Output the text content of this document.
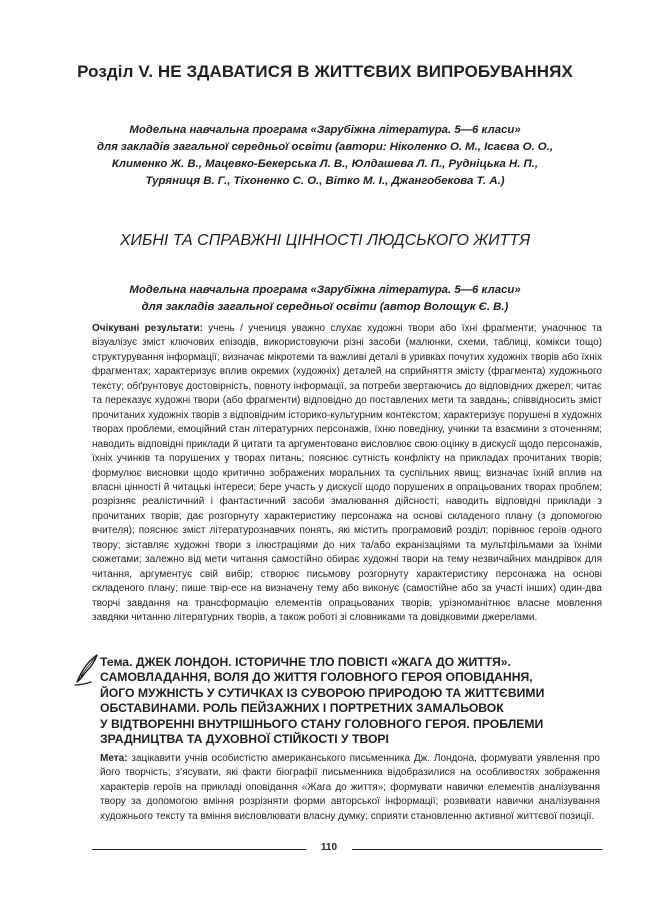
Розділ V. НЕ ЗДАВАТИСЯ В ЖИТТЄВИХ ВИПРОБУВАННЯХ
Модельна навчальна програма «Зарубіжна література. 5—6 класи»
для закладів загальної середньої освіти (автори: Ніколенко О. М., Ісаєва О. О.,
Клименко Ж. В., Мацевко-Бекерська Л. В., Юлдашева Л. П., Рудніцька Н. П.,
Туряниця В. Г., Тіхоненко С. О., Вітко М. І., Джангобекова Т. А.)
ХИБНІ ТА СПРАВЖНІ ЦІННОСТІ ЛЮДСЬКОГО ЖИТТЯ
Модельна навчальна програма «Зарубіжна література. 5—6 класи»
для закладів загальної середньої освіти (автор Волощук Є. В.)
Очікувані результати: учень / учениця уважно слухає художні твори або їхні фрагменти; унаочнює та візуалізує зміст ключових епізодів, використовуючи різні засоби (малюнки, схеми, таблиці, комікси тощо) структурування інформації; визначає мікротеми та важливі деталі в уривках почутих художніх творів або їхніх фрагментах; характеризує вплив окремих (художніх) деталей на сприйняття змісту (фрагмента) художнього тексту; обґрунтовує достовірність, повноту інформації, за потреби звертаючись до відповідних джерел; читає та переказує художні твори (або фрагменти) відповідно до поставлених мети та завдань; співвідносить зміст прочитаних художніх творів з відповідним історико-культурним контекстом; характеризує порушені в художніх творах проблеми, емоційний стан літературних персонажів, їхню поведінку, учинки та взаємини з оточенням; наводить відповідні приклади й цитати та аргументовано висловлює свою оцінку в дискусії щодо персонажів, їхніх учинків та порушених у творах питань; пояснює сутність конфлікту на прикладах прочитаних творів; формулює висновки щодо критично зображених моральних та суспільних явищ; визначає їхній вплив на власні цінності й читацькі інтереси; бере участь у дискусії щодо порушених в опрацьованих творах проблем; розрізняє реалістичний і фантастичний засоби змалювання дійсності; наводить відповідні приклади з прочитаних творів; дає розгорнуту характеристику персонажа на основі складеного плану (з допомогою вчителя); пояснює зміст літературознавчих понять, які містить програмовий розділ; порівнює героїв одного твору; зіставляє художні твори з ілюстраціями до них та/або екранізаціями та мультфільмами за їхніми сюжетами; залежно від мети читання самостійно обирає художні твори на тему незвичайних мандрівок для читання, аргументує свій вибір; створює письмову розгорнуту характеристику персонажа на основі складеного плану; пише твір-есе на визначену тему або виконує (самостійне або за участі інших) один-два творчі завдання на трансформацію елементів опрацьованих творів; урізноманітнює власне мовлення завдяки читанню літературних творів, а також роботі зі словниками та довідковими джерелами.
Тема. ДЖЕК ЛОНДОН. ІСТОРИЧНЕ ТЛО ПОВІСТІ «ЖАГА ДО ЖИТТЯ».
САМОВЛАДАННЯ, ВОЛЯ ДО ЖИТТЯ ГОЛОВНОГО ГЕРОЯ ОПОВІДАННЯ,
ЙОГО МУЖНІСТЬ У СУТИЧКАХ ІЗ СУВОРОЮ ПРИРОДОЮ ТА ЖИТТЄВИМИ
ОБСТАВИНАМИ. РОЛЬ ПЕЙЗАЖНИХ І ПОРТРЕТНИХ ЗАМАЛЬОВОК
У ВІДТВОРЕННІ ВНУТРІШНЬОГО СТАНУ ГОЛОВНОГО ГЕРОЯ. ПРОБЛЕМИ
ЗРАДНИЦТВА ТА ДУХОВНОЇ СТІЙКОСТІ У ТВОРІ
Мета: зацікавити учнів особистістю американського письменника Дж. Лондона, формувати уявлення про його творчість; з’ясувати, які факти біографії письменника відобразилися на особливостях зображення характерів героїв на прикладі оповідання «Жага до життя»; формувати навички елементів аналізування твору за допомогою вміння розрізняти форми авторської інформації; розвивати навички аналізування художнього тексту та вміння висловлювати власну думку; сприяти становленню активної життєвої позиції.
110
